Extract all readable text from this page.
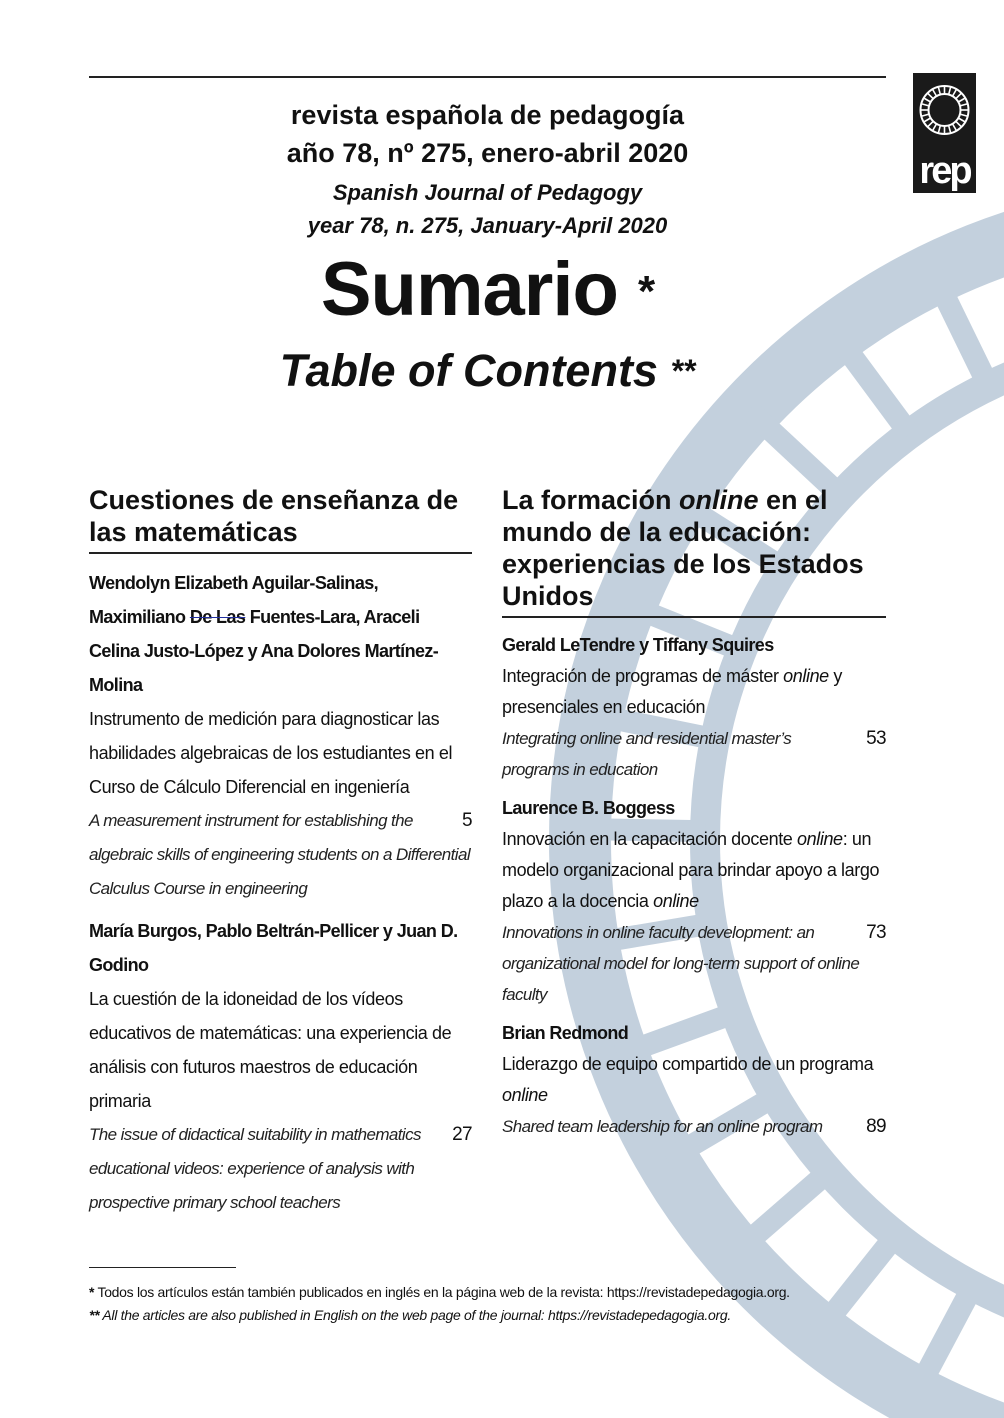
rep
revista española de pedagogía
año 78, nº 275, enero-abril 2020
Spanish Journal of Pedagogy
year 78, n. 275, January-April 2020
Sumario *
Table of Contents **
Cuestiones de enseñanza de las matemáticas
Wendolyn Elizabeth Aguilar-Salinas, Maximiliano De Las Fuentes-Lara, Araceli Celina Justo-López y Ana Dolores Martínez-Molina
Instrumento de medición para diagnosticar las habilidades algebraicas de los estudiantes en el Curso de Cálculo Diferencial en ingeniería
5
A measurement instrument for establishing the algebraic skills of engineering students on a Differential Calculus Course in engineering
María Burgos, Pablo Beltrán-Pellicer y Juan D. Godino
La cuestión de la idoneidad de los vídeos educativos de matemáticas: una experiencia de análisis con futuros maestros de educación primaria
27
The issue of didactical suitability in mathematics educational videos: experience of analysis with prospective primary school teachers
La formación online en el mundo de la educación: experiencias de los Estados Unidos
Gerald LeTendre y Tiffany Squires
Integración de programas de máster online y presenciales en educación
53
Integrating online and residential master’s programs in education
Laurence B. Boggess
Innovación en la capacitación docente online: un modelo organizacional para brindar apoyo a largo plazo a la docencia online
73
Innovations in online faculty development: an organizational model for long-term support of online faculty
Brian Redmond
Liderazgo de equipo compartido de un programa online
89
Shared team leadership for an online program
* Todos los artículos están también publicados en inglés en la página web de la revista: https://revistadepedagogia.org.
** All the articles are also published in English on the web page of the journal: https://revistadepedagogia.org.
